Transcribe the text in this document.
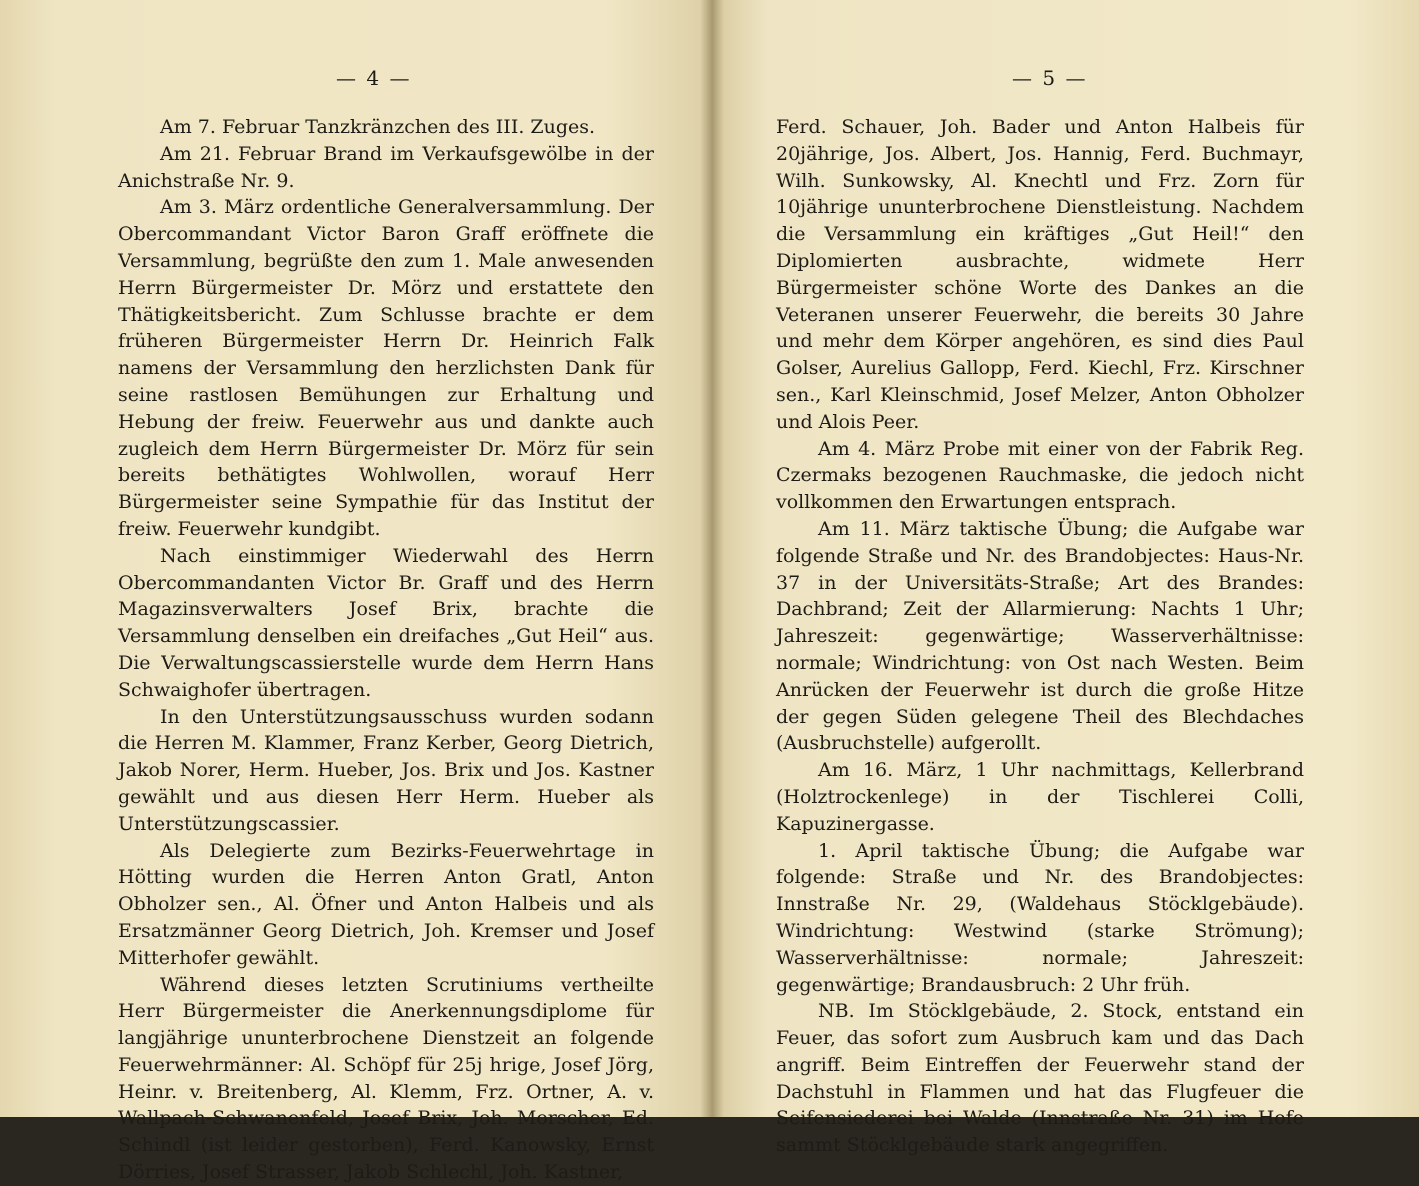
— 4 —

Am 7. Februar Tanzkränzchen des III. Zuges.

Am 21. Februar Brand im Verkaufsgewölbe in der Anichstraße Nr. 9.

Am 3. März ordentliche Generalversammlung. Der Obercommandant Victor Baron Graff eröffnete die Versammlung, begrüßte den zum 1. Male anwesenden Herrn Bürgermeister Dr. Mörz und erstattete den Thätigkeitsbericht. Zum Schlusse brachte er dem früheren Bürgermeister Herrn Dr. Heinrich Falk namens der Versammlung den herzlichsten Dank für seine rastlosen Bemühungen zur Erhaltung und Hebung der freiw. Feuerwehr aus und dankte auch zugleich dem Herrn Bürgermeister Dr. Mörz für sein bereits bethätigtes Wohlwollen, worauf Herr Bürgermeister seine Sympathie für das Institut der freiw. Feuerwehr kundgibt.

Nach einstimmiger Wiederwahl des Herrn Obercommandanten Victor Br. Graff und des Herrn Magazinsverwalters Josef Brix, brachte die Versammlung denselben ein dreifaches „Gut Heil“ aus. Die Verwaltungscassierstelle wurde dem Herrn Hans Schwaighofer übertragen.

In den Unterstützungsausschuss wurden sodann die Herren M. Klammer, Franz Kerber, Georg Dietrich, Jakob Norer, Herm. Hueber, Jos. Brix und Jos. Kastner gewählt und aus diesen Herr Herm. Hueber als Unterstützungscassier.

Als Delegierte zum Bezirks-Feuerwehrtage in Hötting wurden die Herren Anton Gratl, Anton Obholzer sen., Al. Öfner und Anton Halbeis und als Ersatzmänner Georg Dietrich, Joh. Kremser und Josef Mitterhofer gewählt.

Während dieses letzten Scrutiniums vertheilte Herr Bürgermeister die Anerkennungsdiplome für langjährige ununterbrochene Dienstzeit an folgende Feuerwehrmänner: Al. Schöpf für 25j hrige, Josef Jörg, Heinr. v. Breitenberg, Al. Klemm, Frz. Ortner, A. v. Wallpach-Schwanenfeld, Josef Brix, Joh. Morscher, Ed. Schindl (ist leider gestorben), Ferd. Kanowsky, Ernst Dörries, Josef Strasser, Jakob Schlechl, Joh. Kastner,

— 5 —

Ferd. Schauer, Joh. Bader und Anton Halbeis für 20jährige, Jos. Albert, Jos. Hannig, Ferd. Buchmayr, Wilh. Sunkowsky, Al. Knechtl und Frz. Zorn für 10jährige ununterbrochene Dienstleistung. Nachdem die Versammlung ein kräftiges „Gut Heil!“ den Diplomierten ausbrachte, widmete Herr Bürgermeister schöne Worte des Dankes an die Veteranen unserer Feuerwehr, die bereits 30 Jahre und mehr dem Körper angehören, es sind dies Paul Golser, Aurelius Gallopp, Ferd. Kiechl, Frz. Kirschner sen., Karl Kleinschmid, Josef Melzer, Anton Obholzer und Alois Peer.

Am 4. März Probe mit einer von der Fabrik Reg. Czermaks bezogenen Rauchmaske, die jedoch nicht vollkommen den Erwartungen entsprach.

Am 11. März taktische Übung; die Aufgabe war folgende Straße und Nr. des Brandobjectes: Haus-Nr. 37 in der Universitäts-Straße; Art des Brandes: Dachbrand; Zeit der Allarmierung: Nachts 1 Uhr; Jahreszeit: gegenwärtige; Wasserverhältnisse: normale; Windrichtung: von Ost nach Westen. Beim Anrücken der Feuerwehr ist durch die große Hitze der gegen Süden gelegene Theil des Blechdaches (Ausbruchstelle) aufgerollt.

Am 16. März, 1 Uhr nachmittags, Kellerbrand (Holztrockenlege) in der Tischlerei Colli, Kapuzinergasse.

1. April taktische Übung; die Aufgabe war folgende: Straße und Nr. des Brandobjectes: Innstraße Nr. 29, (Waldehaus Stöcklgebäude). Windrichtung: Westwind (starke Strömung); Wasserverhältnisse: normale; Jahreszeit: gegenwärtige; Brandausbruch: 2 Uhr früh.

NB. Im Stöcklgebäude, 2. Stock, entstand ein Feuer, das sofort zum Ausbruch kam und das Dach angriff. Beim Eintreffen der Feuerwehr stand der Dachstuhl in Flammen und hat das Flugfeuer die Seifensiederei bei Walde (Innstraße Nr. 31) im Hofe sammt Stöcklgebäude stark angegriffen.
